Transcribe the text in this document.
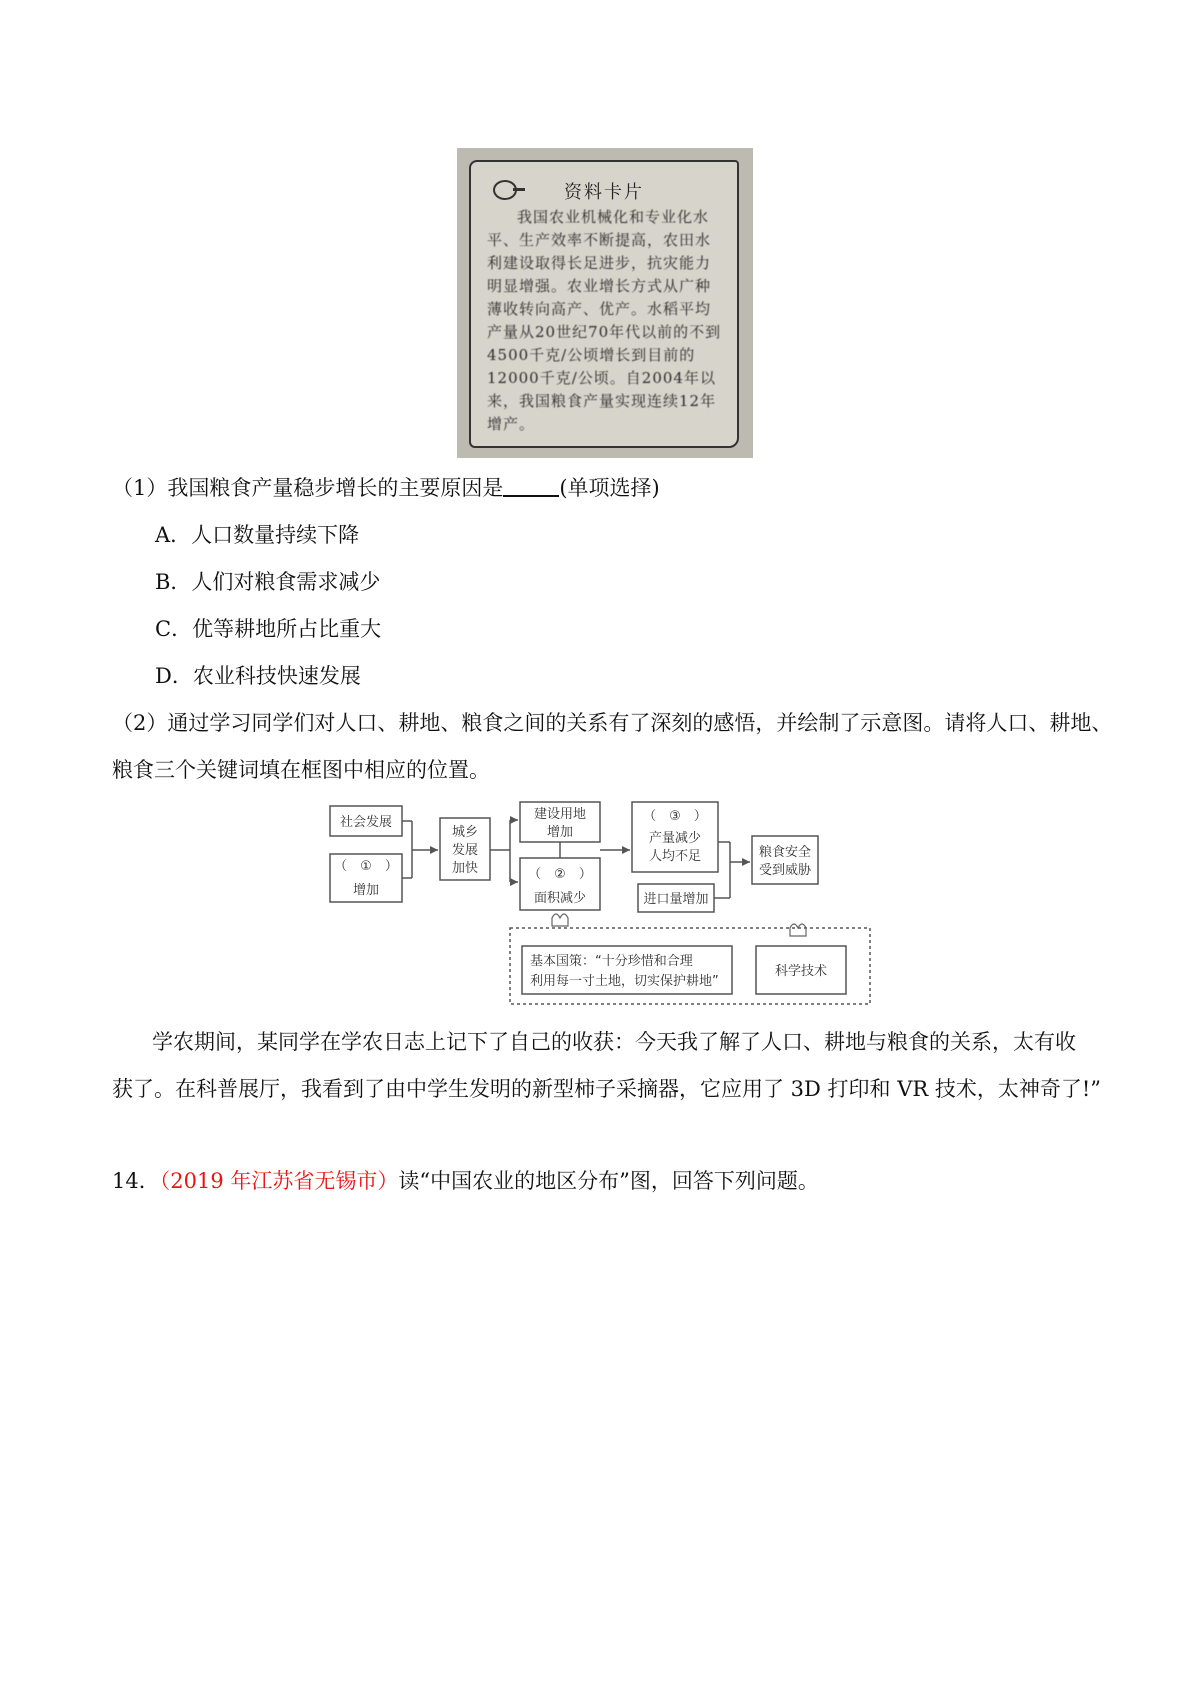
资料卡片
我国农业机械化和专业化水平、生产效率不断提高，农田水利建设取得长足进步，抗灾能力明显增强。农业增长方式从广种薄收转向高产、优产。水稻平均产量从20世纪70年代以前的不到4500千克/公顷增长到目前的12000千克/公顷。自2004年以来，我国粮食产量实现连续12年增产。
（1）我国粮食产量稳步增长的主要原因是	(单项选择)
A．人口数量持续下降
B．人们对粮食需求减少
C．优等耕地所占比重大
D．农业科技快速发展
（2）通过学习同学们对人口、耕地、粮食之间的关系有了深刻的感悟，并绘制了示意图。请将人口、耕地、
粮食三个关键词填在框图中相应的位置。
社会发展
（　①　）
增加
城乡
发展
加快
建设用地
增加
（　②　）
面积减少
（　③　）
产量减少
人均不足
进口量增加
粮食安全
受到威胁
基本国策：“十分珍惜和合理
利用每一寸土地，切实保护耕地”
科学技术
学农期间，某同学在学农日志上记下了自己的收获：今天我了解了人口、耕地与粮食的关系，太有收
获了。在科普展厅，我看到了由中学生发明的新型柿子采摘器，它应用了 3D 打印和 VR 技术，太神奇了!”
14．（2019 年江苏省无锡市）读“中国农业的地区分布”图，回答下列问题。
